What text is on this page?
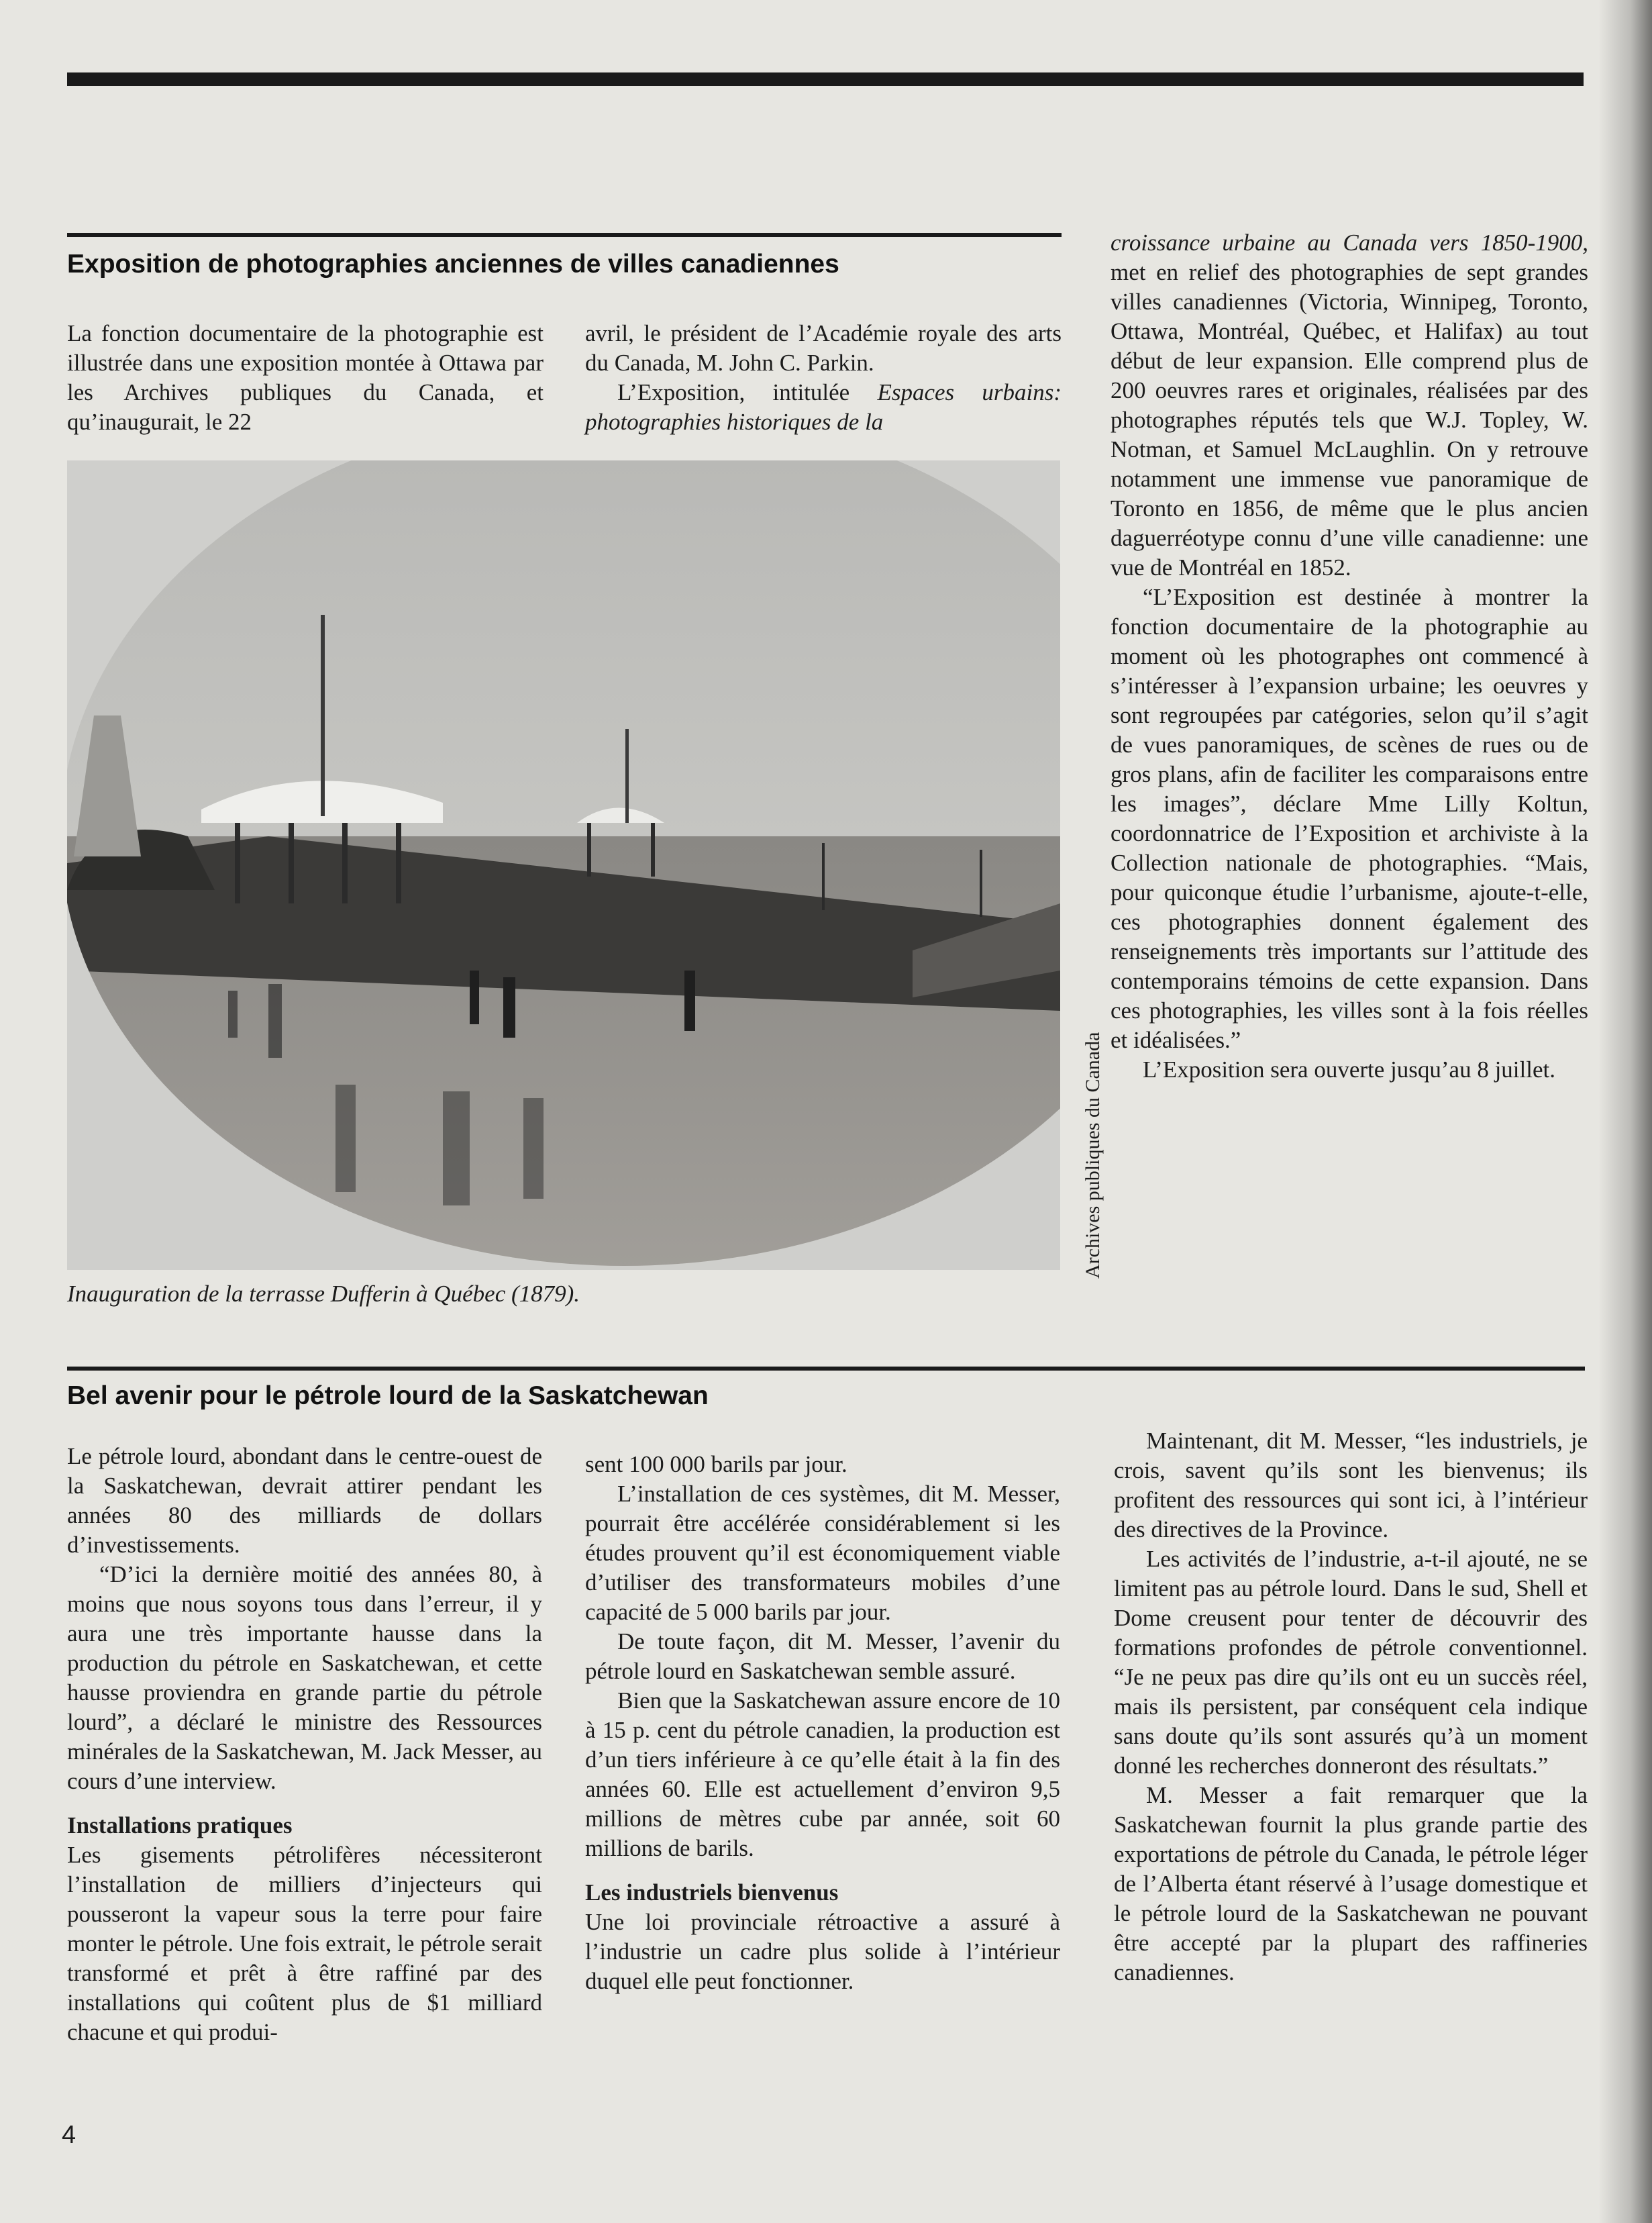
Exposition de photographies anciennes de villes canadiennes

La fonction documentaire de la photographie est illustrée dans une exposition montée à Ottawa par les Archives publiques du Canada, et qu’inaugurait, le 22

avril, le président de l’Académie royale des arts du Canada, M. John C. Parkin.

L’Exposition, intitulée Espaces urbains: photographies historiques de la

Inauguration de la terrasse Dufferin à Québec (1879).
Archives publiques du Canada

croissance urbaine au Canada vers 1850-1900, met en relief des photographies de sept grandes villes canadiennes (Victoria, Winnipeg, Toronto, Ottawa, Montréal, Québec, et Halifax) au tout début de leur expansion. Elle comprend plus de 200 oeuvres rares et originales, réalisées par des photographes réputés tels que W.J. Topley, W. Notman, et Samuel McLaughlin. On y retrouve notamment une immense vue panoramique de Toronto en 1856, de même que le plus ancien daguerréotype connu d’une ville canadienne: une vue de Montréal en 1852.

“L’Exposition est destinée à montrer la fonction documentaire de la photographie au moment où les photographes ont commencé à s’intéresser à l’expansion urbaine; les oeuvres y sont regroupées par catégories, selon qu’il s’agit de vues panoramiques, de scènes de rues ou de gros plans, afin de faciliter les comparaisons entre les images”, déclare Mme Lilly Koltun, coordonnatrice de l’Exposition et archiviste à la Collection nationale de photographies. “Mais, pour quiconque étudie l’urbanisme, ajoute-t-elle, ces photographies donnent également des renseignements très importants sur l’attitude des contemporains témoins de cette expansion. Dans ces photographies, les villes sont à la fois réelles et idéalisées.”

L’Exposition sera ouverte jusqu’au 8 juillet.

Bel avenir pour le pétrole lourd de la Saskatchewan

Le pétrole lourd, abondant dans le centre-ouest de la Saskatchewan, devrait attirer pendant les années 80 des milliards de dollars d’investissements.

“D’ici la dernière moitié des années 80, à moins que nous soyons tous dans l’erreur, il y aura une très importante hausse dans la production du pétrole en Saskatchewan, et cette hausse proviendra en grande partie du pétrole lourd”, a déclaré le ministre des Ressources minérales de la Saskatchewan, M. Jack Messer, au cours d’une interview.

Installations pratiques

Les gisements pétrolifères nécessiteront l’installation de milliers d’injecteurs qui pousseront la vapeur sous la terre pour faire monter le pétrole. Une fois extrait, le pétrole serait transformé et prêt à être raffiné par des installations qui coûtent plus de $1 milliard chacune et qui produi-

sent 100 000 barils par jour.

L’installation de ces systèmes, dit M. Messer, pourrait être accélérée considérablement si les études prouvent qu’il est économiquement viable d’utiliser des transformateurs mobiles d’une capacité de 5 000 barils par jour.

De toute façon, dit M. Messer, l’avenir du pétrole lourd en Saskatchewan semble assuré.

Bien que la Saskatchewan assure encore de 10 à 15 p. cent du pétrole canadien, la production est d’un tiers inférieure à ce qu’elle était à la fin des années 60. Elle est actuellement d’environ 9,5 millions de mètres cube par année, soit 60 millions de barils.

Les industriels bienvenus

Une loi provinciale rétroactive a assuré à l’industrie un cadre plus solide à l’intérieur duquel elle peut fonctionner.

Maintenant, dit M. Messer, “les industriels, je crois, savent qu’ils sont les bienvenus; ils profitent des ressources qui sont ici, à l’intérieur des directives de la Province.

Les activités de l’industrie, a-t-il ajouté, ne se limitent pas au pétrole lourd. Dans le sud, Shell et Dome creusent pour tenter de découvrir des formations profondes de pétrole conventionnel. “Je ne peux pas dire qu’ils ont eu un succès réel, mais ils persistent, par conséquent cela indique sans doute qu’ils sont assurés qu’à un moment donné les recherches donneront des résultats.”

M. Messer a fait remarquer que la Saskatchewan fournit la plus grande partie des exportations de pétrole du Canada, le pétrole léger de l’Alberta étant réservé à l’usage domestique et le pétrole lourd de la Saskatchewan ne pouvant être accepté par la plupart des raffineries canadiennes.

4
